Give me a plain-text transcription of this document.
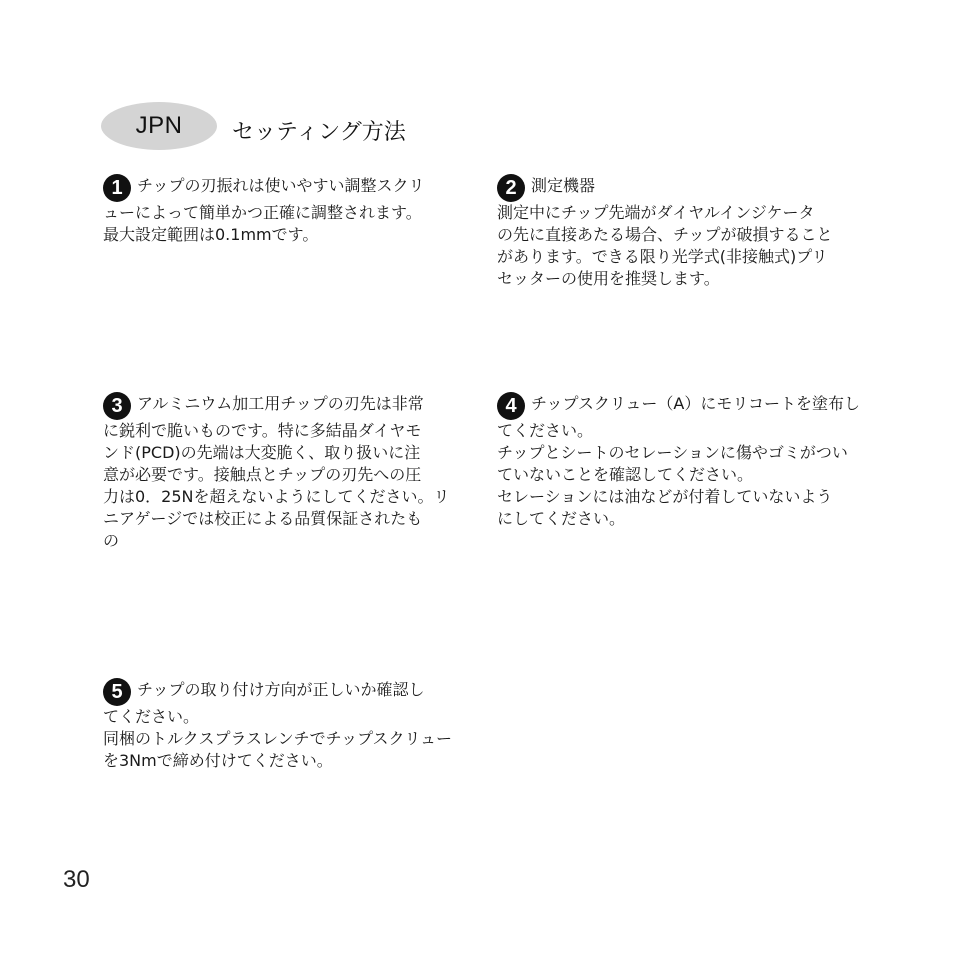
JPN	セッティング方法
1 チップの刃振れは使いやすい調整スクリ
ューによって簡単かつ正確に調整されます。
最大設定範囲は0.1mmです。
2 測定機器
測定中にチップ先端がダイヤルインジケータ
の先に直接あたる場合、チップが破損すること
があります。できる限り光学式(非接触式)プリ
セッターの使用を推奨します。
3 アルミニウム加工用チップの刃先は非常
に鋭利で脆いものです。特に多結晶ダイヤモ
ンド(PCD)の先端は大変脆く、取り扱いに注
意が必要です。接触点とチップの刃先への圧
力は0．25Nを超えないようにしてください。リ
ニアゲージでは校正による品質保証されたも
の
4 チップスクリュー（A）にモリコートを塗布し
てください。
チップとシートのセレーションに傷やゴミがつい
ていないことを確認してください。
セレーションには油などが付着していないよう
にしてください。
5 チップの取り付け方向が正しいか確認し
てください。
同梱のトルクスプラスレンチでチップスクリュー
を3Nmで締め付けてください。
30
